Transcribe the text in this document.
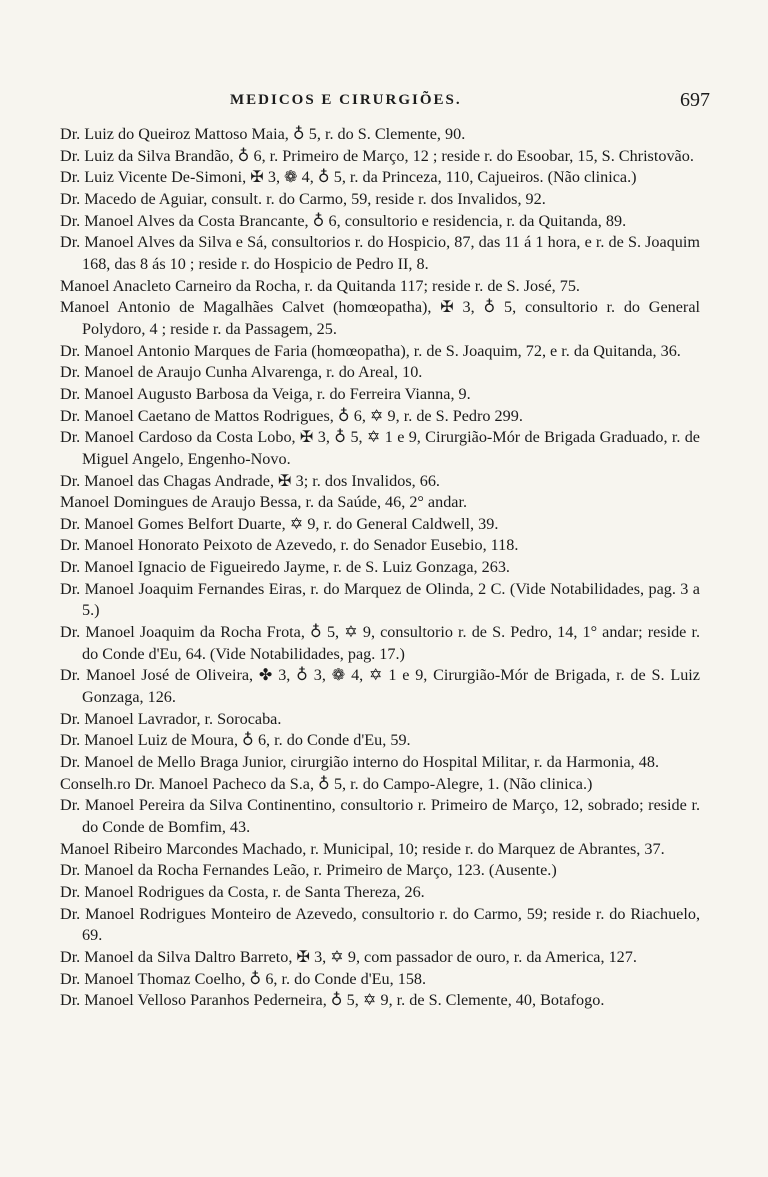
MEDICOS E CIRURGIÕES.	697

Dr. Luiz do Queiroz Mattoso Maia, ♁ 5, r. do S. Clemente, 90.

Dr. Luiz da Silva Brandão, ♁ 6, r. Primeiro de Março, 12 ; reside r. do Esoobar, 15, S. Christovão.

Dr. Luiz Vicente De-Simoni, ✠ 3, ❁ 4, ♁ 5, r. da Princeza, 110, Cajueiros. (Não clinica.)

Dr. Macedo de Aguiar, consult. r. do Carmo, 59, reside r. dos Invalidos, 92.

Dr. Manoel Alves da Costa Brancante, ♁ 6, consultorio e residencia, r. da Quitanda, 89.

Dr. Manoel Alves da Silva e Sá, consultorios r. do Hospicio, 87, das 11 á 1 hora, e r. de S. Joaquim 168, das 8 ás 10 ; reside r. do Hospicio de Pedro II, 8.

Manoel Anacleto Carneiro da Rocha, r. da Quitanda 117; reside r. de S. José, 75.

Manoel Antonio de Magalhães Calvet (homœopatha), ✠ 3, ♁ 5, consultorio r. do General Polydoro, 4 ; reside r. da Passagem, 25.

Dr. Manoel Antonio Marques de Faria (homœopatha), r. de S. Joaquim, 72, e r. da Quitanda, 36.

Dr. Manoel de Araujo Cunha Alvarenga, r. do Areal, 10.

Dr. Manoel Augusto Barbosa da Veiga, r. do Ferreira Vianna, 9.

Dr. Manoel Caetano de Mattos Rodrigues, ♁ 6, ✡ 9, r. de S. Pedro 299.

Dr. Manoel Cardoso da Costa Lobo, ✠ 3, ♁ 5, ✡ 1 e 9, Cirurgião-Mór de Brigada Graduado, r. de Miguel Angelo, Engenho-Novo.

Dr. Manoel das Chagas Andrade, ✠ 3; r. dos Invalidos, 66.

Manoel Domingues de Araujo Bessa, r. da Saúde, 46, 2° andar.

Dr. Manoel Gomes Belfort Duarte, ✡ 9, r. do General Caldwell, 39.

Dr. Manoel Honorato Peixoto de Azevedo, r. do Senador Eusebio, 118.

Dr. Manoel Ignacio de Figueiredo Jayme, r. de S. Luiz Gonzaga, 263.

Dr. Manoel Joaquim Fernandes Eiras, r. do Marquez de Olinda, 2 C. (Vide Notabilidades, pag. 3 a 5.)

Dr. Manoel Joaquim da Rocha Frota, ♁ 5, ✡ 9, consultorio r. de S. Pedro, 14, 1° andar; reside r. do Conde d'Eu, 64. (Vide Notabilidades, pag. 17.)

Dr. Manoel José de Oliveira, ✤ 3, ♁ 3, ❁ 4, ✡ 1 e 9, Cirurgião-Mór de Brigada, r. de S. Luiz Gonzaga, 126.

Dr. Manoel Lavrador, r. Sorocaba.

Dr. Manoel Luiz de Moura, ♁ 6, r. do Conde d'Eu, 59.

Dr. Manoel de Mello Braga Junior, cirurgião interno do Hospital Militar, r. da Harmonia, 48.

Conselh.ro Dr. Manoel Pacheco da S.a, ♁ 5, r. do Campo-Alegre, 1. (Não clinica.)

Dr. Manoel Pereira da Silva Continentino, consultorio r. Primeiro de Março, 12, sobrado; reside r. do Conde de Bomfim, 43.

Manoel Ribeiro Marcondes Machado, r. Municipal, 10; reside r. do Marquez de Abrantes, 37.

Dr. Manoel da Rocha Fernandes Leão, r. Primeiro de Março, 123. (Ausente.)

Dr. Manoel Rodrigues da Costa, r. de Santa Thereza, 26.

Dr. Manoel Rodrigues Monteiro de Azevedo, consultorio r. do Carmo, 59; reside r. do Riachuelo, 69.

Dr. Manoel da Silva Daltro Barreto, ✠ 3, ✡ 9, com passador de ouro, r. da America, 127.

Dr. Manoel Thomaz Coelho, ♁ 6, r. do Conde d'Eu, 158.

Dr. Manoel Velloso Paranhos Pederneira, ♁ 5, ✡ 9, r. de S. Clemente, 40, Botafogo.
